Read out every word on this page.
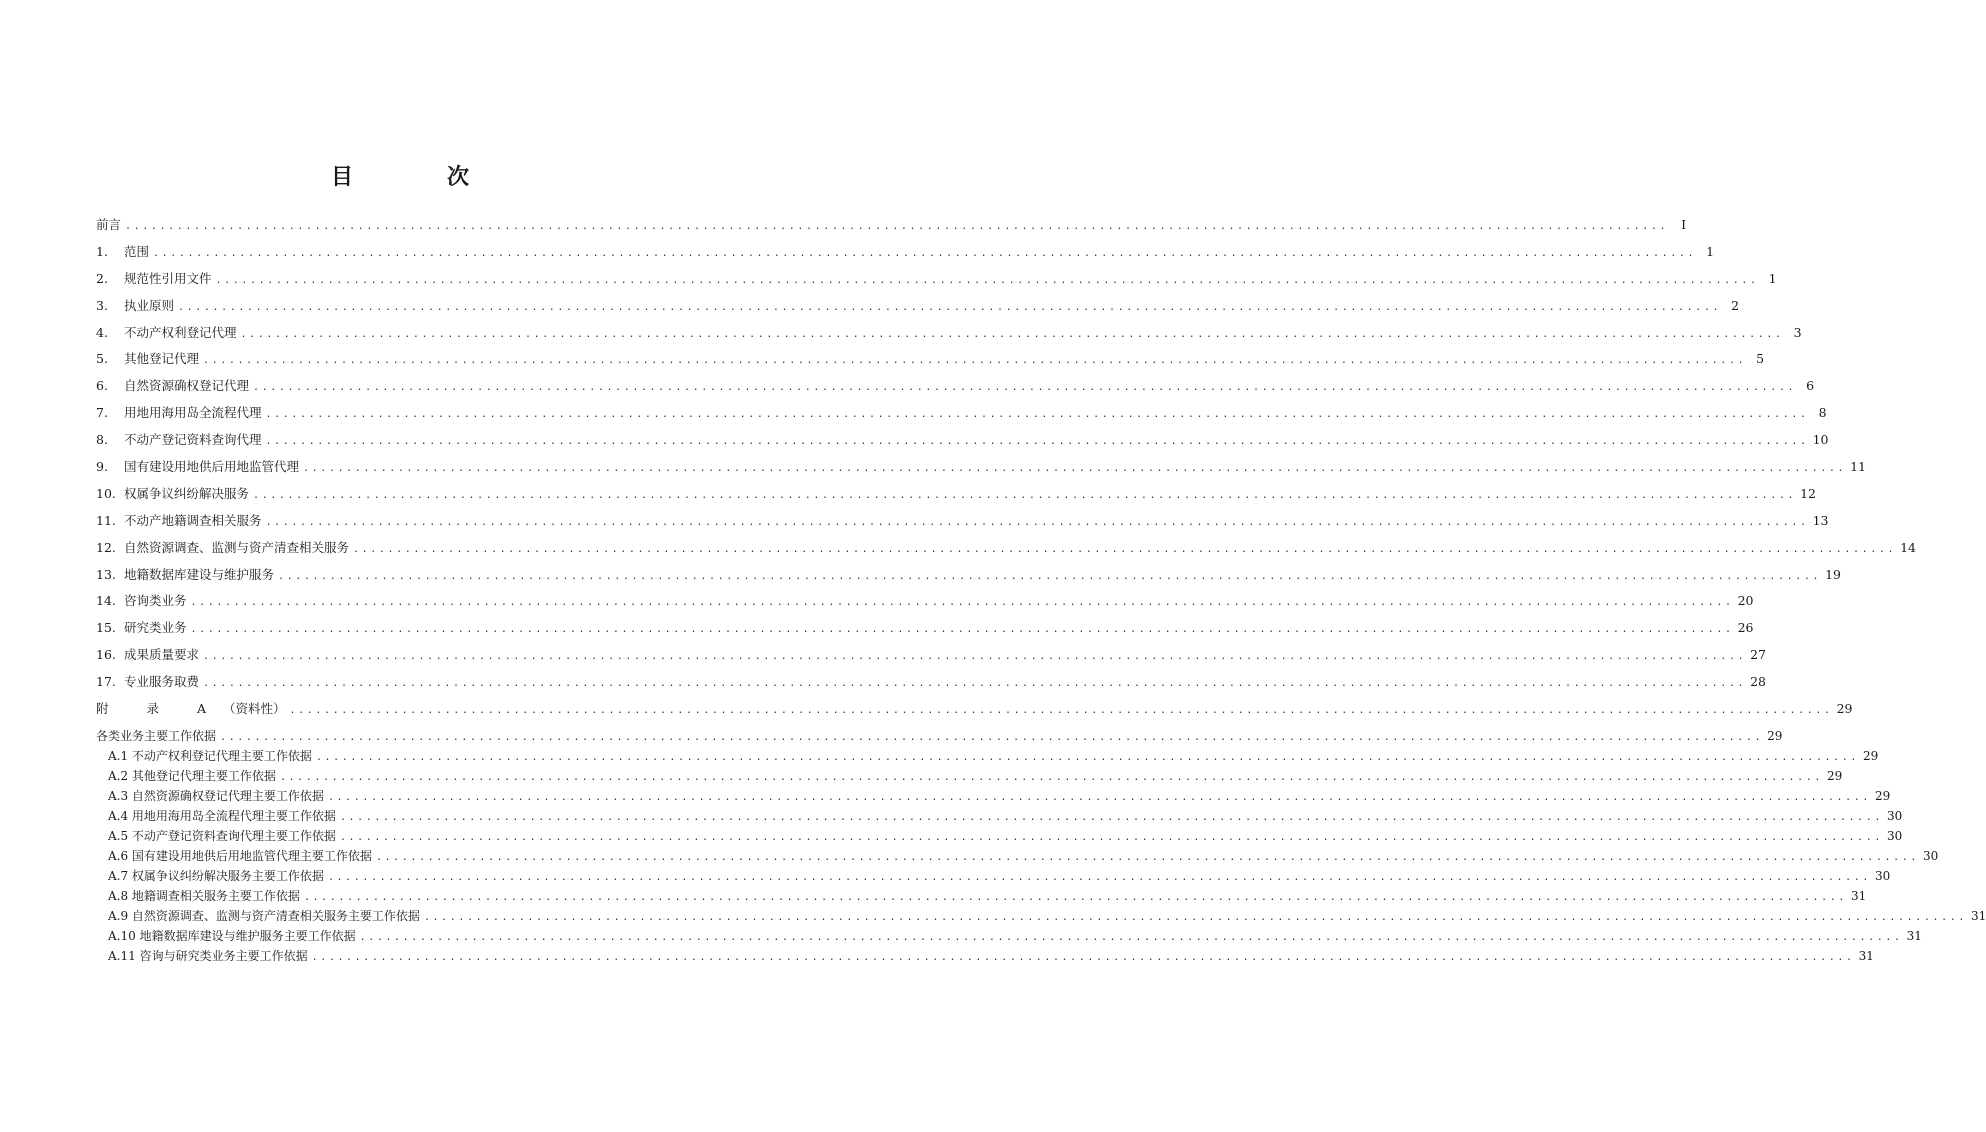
目　次
前言 ...................................................................................................................................................................................	I
1.	范围 ................................................................................................................................................................................... 1
2.	规范性引用文件 ................................................................................................................................................................................... 1
3.	执业原则 ................................................................................................................................................................................... 2
4.	不动产权利登记代理 ................................................................................................................................................................................... 3
5.	其他登记代理 ................................................................................................................................................................................... 5
6.	自然资源确权登记代理 ................................................................................................................................................................................... 6
7.	用地用海用岛全流程代理 ................................................................................................................................................................................... 8
8.	不动产登记资料查询代理 ................................................................................................................................................................................... 10
9.	国有建设用地供后用地监管代理 ................................................................................................................................................................................... 11
10. 权属争议纠纷解决服务 ................................................................................................................................................................................... 12
11. 不动产地籍调查相关服务 ................................................................................................................................................................................... 13
12. 自然资源调查、监测与资产清查相关服务 ................................................................................................................................................................................... 14
13. 地籍数据库建设与维护服务 ................................................................................................................................................................................... 19
14. 咨询类业务 ................................................................................................................................................................................... 20
15. 研究类业务 ................................................................................................................................................................................... 26
16. 成果质量要求 ................................................................................................................................................................................... 27
17. 专业服务取费 ................................................................................................................................................................................... 28
附 录 A （资料性） ................................................................................................................................................................................... 29
各类业务主要工作依据 ................................................................................................................................................................................... 29
A.1 不动产权利登记代理主要工作依据 ................................................................................................................................................................................... 29
A.2 其他登记代理主要工作依据 ................................................................................................................................................................................... 29
A.3 自然资源确权登记代理主要工作依据 ................................................................................................................................................................................... 29
A.4 用地用海用岛全流程代理主要工作依据 ................................................................................................................................................................................... 30
A.5 不动产登记资料查询代理主要工作依据 ................................................................................................................................................................................... 30
A.6 国有建设用地供后用地监管代理主要工作依据 ................................................................................................................................................................................... 30
A.7 权属争议纠纷解决服务主要工作依据 ................................................................................................................................................................................... 30
A.8 地籍调查相关服务主要工作依据 ................................................................................................................................................................................... 31
A.9 自然资源调查、监测与资产清查相关服务主要工作依据 ................................................................................................................................................................................... 31
A.10 地籍数据库建设与维护服务主要工作依据 ................................................................................................................................................................................... 31
A.11 咨询与研究类业务主要工作依据 ................................................................................................................................................................................... 31
